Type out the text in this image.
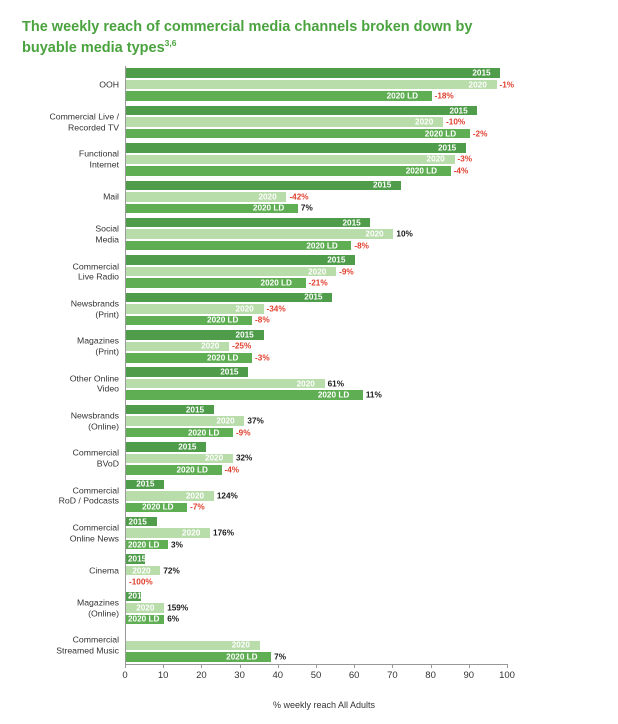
The weekly reach of commercial media channels broken down by buyable media types$^{3,6}$
OOH
2015
2020 -1%
2020 LD -18%
Commercial Live /
Recorded TV
2015
2020 -10%
2020 LD -2%
Functional
Internet
2015
2020 -3%
2020 LD -4%
Mail
2015
2020 -42%
2020 LD 7%
Social
Media
2015
2020 10%
2020 LD -8%
Commercial
Live Radio
2015
2020 -9%
2020 LD -21%
Newsbrands
(Print)
2015
2020 -34%
2020 LD -8%
Magazines
(Print)
2015
2020 -25%
2020 LD -3%
Other Online
Video
2015
2020 61%
2020 LD 11%
Newsbrands
(Online)
2015
2020 37%
2020 LD -9%
Commercial
BVoD
2015
2020 32%
2020 LD -4%
Commercial
RoD / Podcasts
2015
2020 124%
2020 LD -7%
Commercial
Online News
2015
2020 176%
2020 LD 3%
Cinema
2015
2020 72%
-100%
Magazines
(Online)
2015
2020 159%
2020 LD 6%
Commercial
Streamed Music	2020
2020 LD 7%
0	10	20	30	40	50	60	70	80	90	100
% weekly reach All Adults
